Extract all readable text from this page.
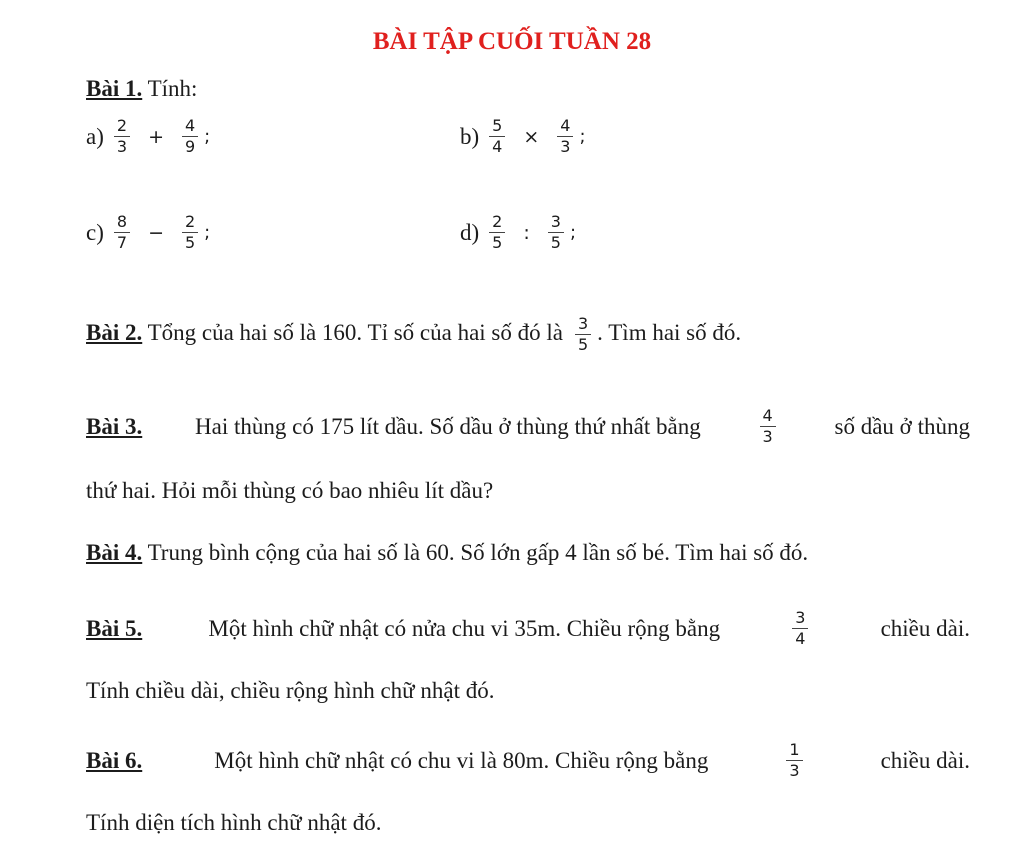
BÀI TẬP CUỐI TUẦN 28
Bài 1. Tính:
$a) \frac{2}{3} + \frac{4}{9}$ ;	$b) \frac{5}{4} \times \frac{4}{3}$ ;
$c) \frac{8}{7} - \frac{2}{5}$ ;	$d) \frac{2}{5}$ : $\frac{3}{5}$ ;
Bài 2. Tổng của hai số là 160. Tỉ số của hai số đó là $\frac{3}{5}$ . Tìm hai số đó.
Bài 3. Hai thùng có 175 lít dầu. Số dầu ở thùng thứ nhất bằng	$\frac{4}{3}$	số dầu ở thùng
thứ hai. Hỏi mỗi thùng có bao nhiêu lít dầu?
Bài 4. Trung bình cộng của hai số là 60. Số lớn gấp 4 lần số bé. Tìm hai số đó.
Bài 5.	Một hình chữ nhật có nửa chu vi 35m. Chiều rộng bằng	$\frac{3}{4}$	chiều dài.
Tính chiều dài, chiều rộng hình chữ nhật đó.
Bài 6.	Một hình chữ nhật có chu vi là 80m. Chiều rộng bằng	$\frac{1}{3}$	chiều dài.
Tính diện tích hình chữ nhật đó.
